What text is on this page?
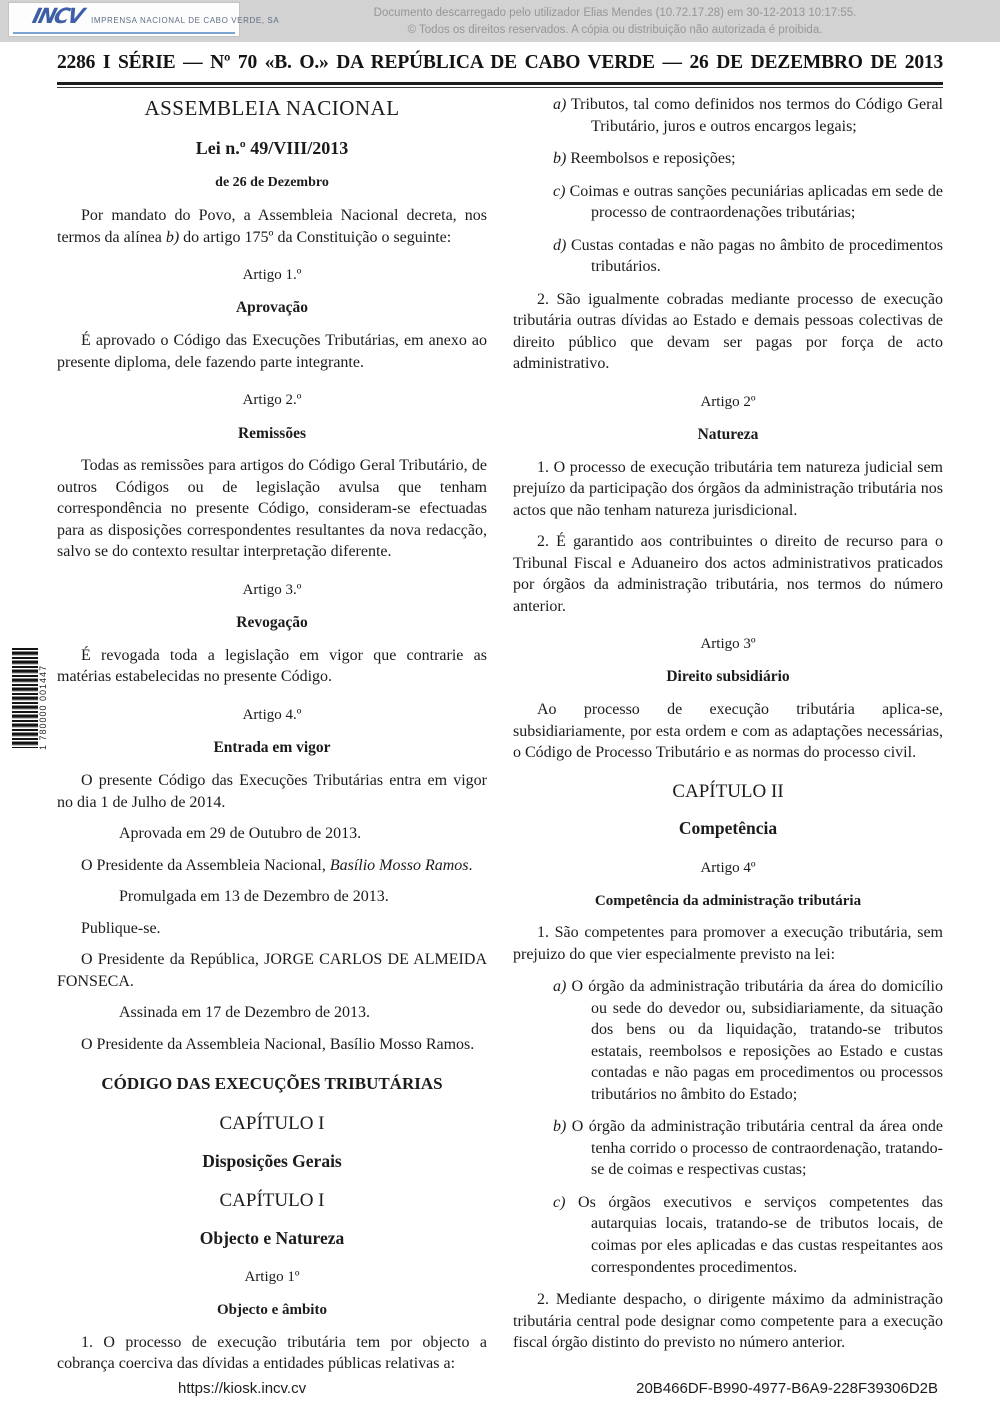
INCV IMPRENSA NACIONAL DE CABO VERDE, SA
Documento descarregado pelo utilizador Elias Mendes (10.72.17.28) em 30-12-2013 10:17:55.
© Todos os direitos reservados. A cópia ou distribuição não autorizada é proibida.
2286 I SÉRIE — Nº 70 «B. O.» DA REPÚBLICA DE CABO VERDE — 26 DE DEZEMBRO DE 2013
1 780000 001447
ASSEMBLEIA NACIONAL
Lei n.º 49/VIII/2013
de 26 de Dezembro

Por mandato do Povo, a Assembleia Nacional decreta, nos termos da alínea b) do artigo 175º da Constituição o seguinte:

Artigo 1.º
Aprovação

É aprovado o Código das Execuções Tributárias, em anexo ao presente diploma, dele fazendo parte integrante.

Artigo 2.º
Remissões

Todas as remissões para artigos do Código Geral Tributário, de outros Códigos ou de legislação avulsa que tenham correspondência no presente Código, consideram-se efectuadas para as disposições correspondentes resultantes da nova redacção, salvo se do contexto resultar interpretação diferente.

Artigo 3.º
Revogação

É revogada toda a legislação em vigor que contrarie as matérias estabelecidas no presente Código.

Artigo 4.º
Entrada em vigor

O presente Código das Execuções Tributárias entra em vigor no dia 1 de Julho de 2014.

Aprovada em 29 de Outubro de 2013.

O Presidente da Assembleia Nacional, Basílio Mosso Ramos.

Promulgada em 13 de Dezembro de 2013.

Publique-se.

O Presidente da República, JORGE CARLOS DE ALMEIDA FONSECA.

Assinada em 17 de Dezembro de 2013.

O Presidente da Assembleia Nacional, Basílio Mosso Ramos.

CÓDIGO DAS EXECUÇÕES TRIBUTÁRIAS
CAPÍTULO I
Disposições Gerais
CAPÍTULO I
Objecto e Natureza
Artigo 1º
Objecto e âmbito

1. O processo de execução tributária tem por objecto a cobrança coerciva das dívidas a entidades públicas relativas a:

a) Tributos, tal como definidos nos termos do Código Geral Tributário, juros e outros encargos legais;

b) Reembolsos e reposições;

c) Coimas e outras sanções pecuniárias aplicadas em sede de processo de contraordenações tributárias;

d) Custas contadas e não pagas no âmbito de procedimentos tributários.

2. São igualmente cobradas mediante processo de execução tributária outras dívidas ao Estado e demais pessoas colectivas de direito público que devam ser pagas por força de acto administrativo.

Artigo 2º
Natureza

1. O processo de execução tributária tem natureza judicial sem prejuízo da participação dos órgãos da administração tributária nos actos que não tenham natureza jurisdicional.

2. É garantido aos contribuintes o direito de recurso para o Tribunal Fiscal e Aduaneiro dos actos administrativos praticados por órgãos da administração tributária, nos termos do número anterior.

Artigo 3º
Direito subsidiário

Ao processo de execução tributária aplica-se, subsidiariamente, por esta ordem e com as adaptações necessárias, o Código de Processo Tributário e as normas do processo civil.

CAPÍTULO II
Competência
Artigo 4º
Competência da administração tributária

1. São competentes para promover a execução tributária, sem prejuizo do que vier especialmente previsto na lei:

a) O órgão da administração tributária da área do domicílio ou sede do devedor ou, subsidiariamente, da situação dos bens ou da liquidação, tratando-se tributos estatais, reembolsos e reposições ao Estado e custas contadas e não pagas em procedimentos ou processos tributários no âmbito do Estado;

b) O órgão da administração tributária central da área onde tenha corrido o processo de contraordenação, tratando-se de coimas e respectivas custas;

c) Os órgãos executivos e serviços competentes das autarquias locais, tratando-se de tributos locais, de coimas por eles aplicadas e das custas respeitantes aos correspondentes procedimentos.

2. Mediante despacho, o dirigente máximo da administração tributária central pode designar como competente para a execução fiscal órgão distinto do previsto no número anterior.

https://kiosk.incv.cv	20B466DF-B990-4977-B6A9-228F39306D2B
